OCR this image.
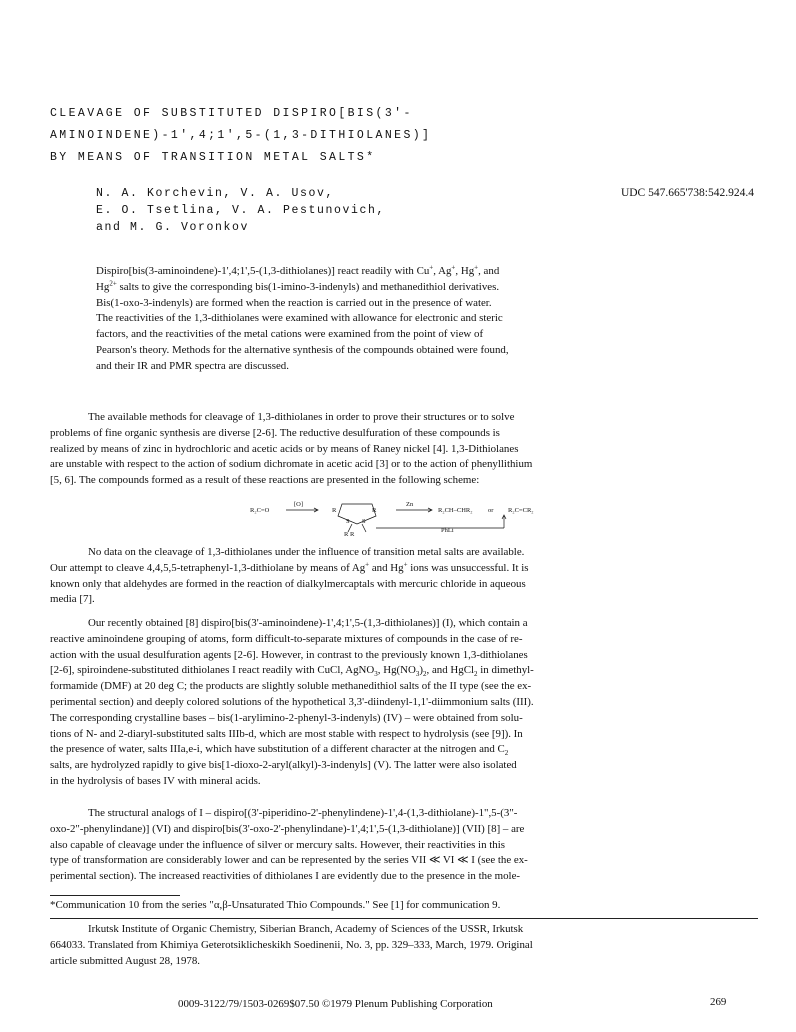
CLEAVAGE OF SUBSTITUTED DISPIRO[BIS(3'-
AMINOINDENE)-1',4;1',5-(1,3-DITHIOLANES)]
BY MEANS OF TRANSITION METAL SALTS*
N. A. Korchevin, V. A. Usov,
E. O. Tsetlina, V. A. Pestunovich,
and M. G. Voronkov
UDC 547.665'738:542.924.4
Dispiro[bis(3-aminoindene)-1',4;1',5-(1,3-dithiolanes)] react readily with Cu+, Ag+, Hg+, and
$Hg^{2+}$ salts to give the corresponding bis(1-imino-3-indenyls) and methanedithiol derivatives.
Bis(1-oxo-3-indenyls) are formed when the reaction is carried out in the presence of water.
The reactivities of the 1,3-dithiolanes were examined with allowance for electronic and steric
factors, and the reactivities of the metal cations were examined from the point of view of
Pearson's theory. Methods for the alternative synthesis of the compounds obtained were found,
and their IR and PMR spectra are discussed.
The available methods for cleavage of 1,3-dithiolanes in order to prove their structures or to solve
problems of fine organic synthesis are diverse [2-6]. The reductive desulfuration of these compounds is
realized by means of zinc in hydrochloric and acetic acids or by means of Raney nickel [4]. 1,3-Dithiolanes
are unstable with respect to the action of sodium dichromate in acetic acid [3] or to the action of phenyllithium
[5, 6]. The compounds formed as a result of these reactions are presented in the following scheme:
R₂C=O
[O]
R	R
S S
R R
Zn
R₂CH–CHR₂ or R₂C=CR₂
PhLi
No data on the cleavage of 1,3-dithiolanes under the influence of transition metal salts are available.
Our attempt to cleave 4,4,5,5-tetraphenyl-1,3-dithiolane by means of Ag+ and Hg+ ions was unsuccessful. It is
known only that aldehydes are formed in the reaction of dialkylmercaptals with mercuric chloride in aqueous
media [7].
Our recently obtained [8] dispiro[bis(3'-aminoindene)-1',4;1',5-(1,3-dithiolanes)] (I), which contain a
reactive aminoindene grouping of atoms, form difficult-to-separate mixtures of compounds in the case of re-
action with the usual desulfuration agents [2-6]. However, in contrast to the previously known 1,3-dithiolanes
[2-6], spiroindene-substituted dithiolanes I react readily with CuCl, AgNO$_3$, $Hg(NO_3)_2$, and HgCl$_2$ in dimethyl-
formamide (DMF) at 20 deg C; the products are slightly soluble methanedithiol salts of the II type (see the ex-
perimental section) and deeply colored solutions of the hypothetical 3,3'-diindenyl-1,1'-diimmonium salts (III).
The corresponding crystalline bases – bis(1-arylimino-2-phenyl-3-indenyls) (IV) – were obtained from solu-
tions of N- and 2-diaryl-substituted salts IIIb-d, which are most stable with respect to hydrolysis (see [9]). In
the presence of water, salts IIIa,e-i, which have substitution of a different character at the nitrogen and $C_2$
salts, are hydrolyzed rapidly to give bis[1-dioxo-2-aryl(alkyl)-3-indenyls] (V). The latter were also isolated
in the hydrolysis of bases IV with mineral acids.
The structural analogs of I – dispiro[(3'-piperidino-2'-phenylindene)-1',4-(1,3-dithiolane)-1",5-(3"-
oxo-2"-phenylindane)] (VI) and dispiro[bis(3'-oxo-2'-phenylindane)-1',4;1',5-(1,3-dithiolane)] (VII) [8] – are
also capable of cleavage under the influence of silver or mercury salts. However, their reactivities in this
type of transformation are considerably lower and can be represented by the series VII ≪ VI ≪ I (see the ex-
perimental section). The increased reactivities of dithiolanes I are evidently due to the presence in the mole-
*Communication 10 from the series "α,β-Unsaturated Thio Compounds." See [1] for communication 9.
Irkutsk Institute of Organic Chemistry, Siberian Branch, Academy of Sciences of the USSR, Irkutsk
664033. Translated from Khimiya Geterotsiklicheskikh Soedinenii, No. 3, pp. 329–333, March, 1979. Original
article submitted August 28, 1978.
0009-3122/79/1503-0269$07.50 ©1979 Plenum Publishing Corporation	269
